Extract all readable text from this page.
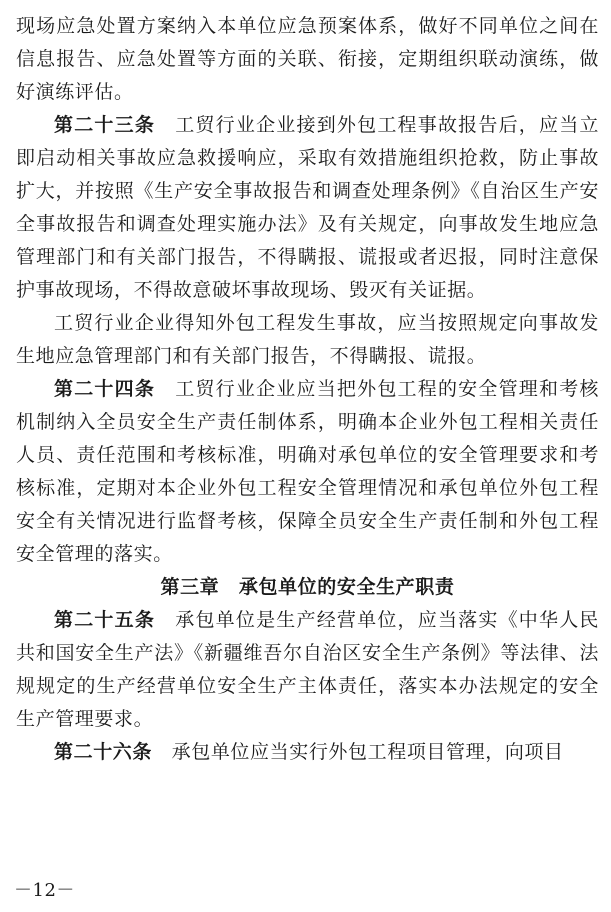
现场应急处置方案纳入本单位应急预案体系，做好不同单位之间在信息报告、应急处置等方面的关联、衔接，定期组织联动演练，做好演练评估。

第二十三条　 工贸行业企业接到外包工程事故报告后，应当立即启动相关事故应急救援响应，采取有效措施组织抢救，防止事故扩大，并按照《生产安全事故报告和调查处理条例》《自治区生产安全事故报告和调查处理实施办法》及有关规定，向事故发生地应急管理部门和有关部门报告，不得瞒报、谎报或者迟报，同时注意保护事故现场，不得故意破坏事故现场、毁灭有关证据。

工贸行业企业得知外包工程发生事故，应当按照规定向事故发生地应急管理部门和有关部门报告，不得瞒报、谎报。

第二十四条　 工贸行业企业应当把外包工程的安全管理和考核机制纳入全员安全生产责任制体系，明确本企业外包工程相关责任人员、责任范围和考核标准，明确对承包单位的安全管理要求和考核标准，定期对本企业外包工程安全管理情况和承包单位外包工程安全有关情况进行监督考核，保障全员安全生产责任制和外包工程安全管理的落实。

第三章　承包单位的安全生产职责

第二十五条　 承包单位是生产经营单位，应当落实《中华人民共和国安全生产法》《新疆维吾尔自治区安全生产条例》等法律、法规规定的生产经营单位安全生产主体责任，落实本办法规定的安全生产管理要求。

第二十六条　 承包单位应当实行外包工程项目管理，向项目

－12－
